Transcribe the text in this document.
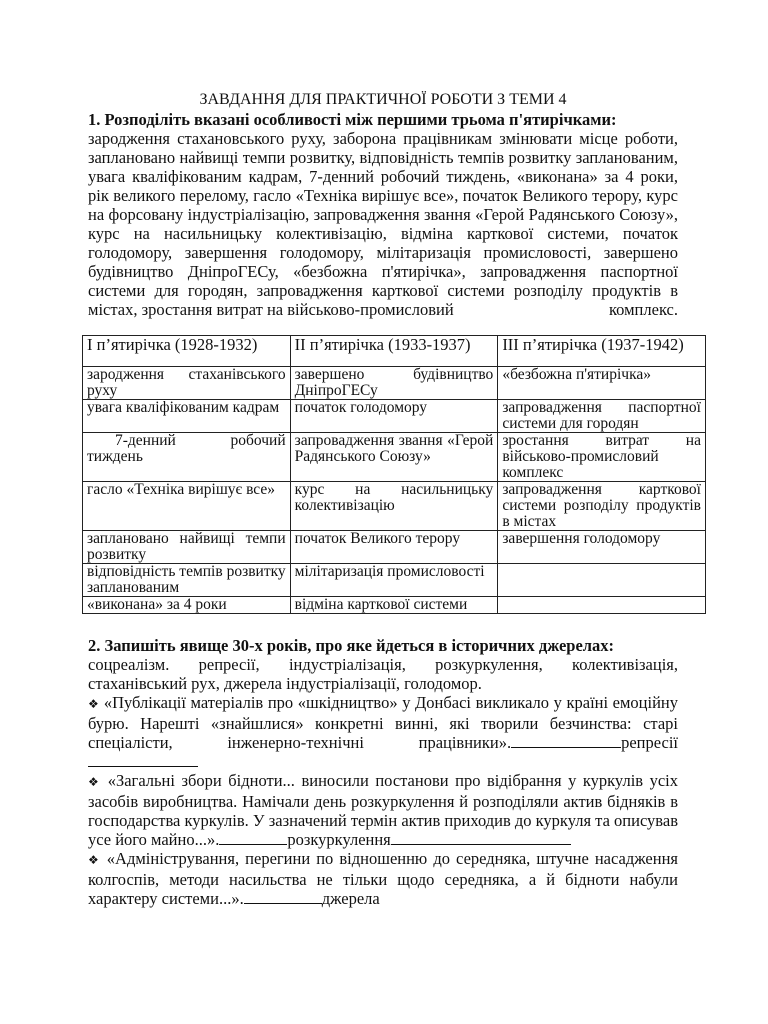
ЗАВДАННЯ ДЛЯ ПРАКТИЧНОЇ РОБОТИ З ТЕМИ 4

1. Розподіліть вказані особливості між першими трьома п'ятирічками:

зародження стахановського руху, заборона працівникам змінювати місце роботи, заплановано найвищі темпи розвитку, відповідність темпів розвитку запланованим, увага кваліфікованим кадрам, 7-денний робочий тиждень, «виконана» за 4 роки, рік великого перелому, гасло «Техніка вирішує все», початок Великого терору, курс на форсовану індустріалізацію, запровадження звання «Герой Радянського Союзу», курс на насильницьку колективізацію, відміна карткової системи, початок голодомору, завершення голодомору, мілітаризація промисловості, завершено будівництво ДніпроГЕСу, «безбожна п'ятирічка», запровадження паспортної системи для городян, запровадження карткової системи розподілу продуктів в містах, зростання витрат на військово-промисловий	комплекс.

І п’ятирічка (1928-1932)	ІІ п’ятирічка (1933-1937)	ІІІ п’ятирічка (1937-1942)
зародження стаханівського руху	завершено будівництво ДніпроГЕСу	«безбожна п'ятирічка»
увага кваліфікованим кадрам	початок голодомору	запровадження паспортної системи для городян
7-денний робочий тиждень	запровадження звання «Герой Радянського Союзу»	зростання витрат на військово-промисловий комплекс
гасло «Техніка вирішує все»	курс на насильницьку колективізацію	запровадження карткової системи розподілу продуктів в містах
заплановано найвищі темпи розвитку	початок Великого терору	завершення голодомору
відповідність темпів розвитку запланованим	мілітаризація промисловості	
«виконана» за 4 роки	відміна карткової системи	

2. Запишіть явище 30-х років, про яке йдеться в історичних джерелах:

соцреалізм. репресії, індустріалізація, розкуркулення, колективізація, стаханівський рух, джерела індустріалізації, голодомор.

❖ «Публікації матеріалів про «шкідництво» у Донбасі викликало у країні емоційну бурю. Нарешті «знайшлися» конкретні винні, які творили безчинства: старі спеціалісти, інженерно-технічні працівники».	репресії

❖ «Загальні збори бідноти... виносили постанови про відібрання у куркулів усіх засобів виробництва. Намічали день розкуркулення й розподіляли актив бідняків в господарства куркулів. У зазначений термін актив приходив до куркуля та описував усе його майно...».	розкуркулення

❖ «Адміністрування, перегини по відношенню до середняка, штучне насадження колгоспів, методи насильства не тільки щодо середняка, а й бідноти набули характеру системи...».	джерела
